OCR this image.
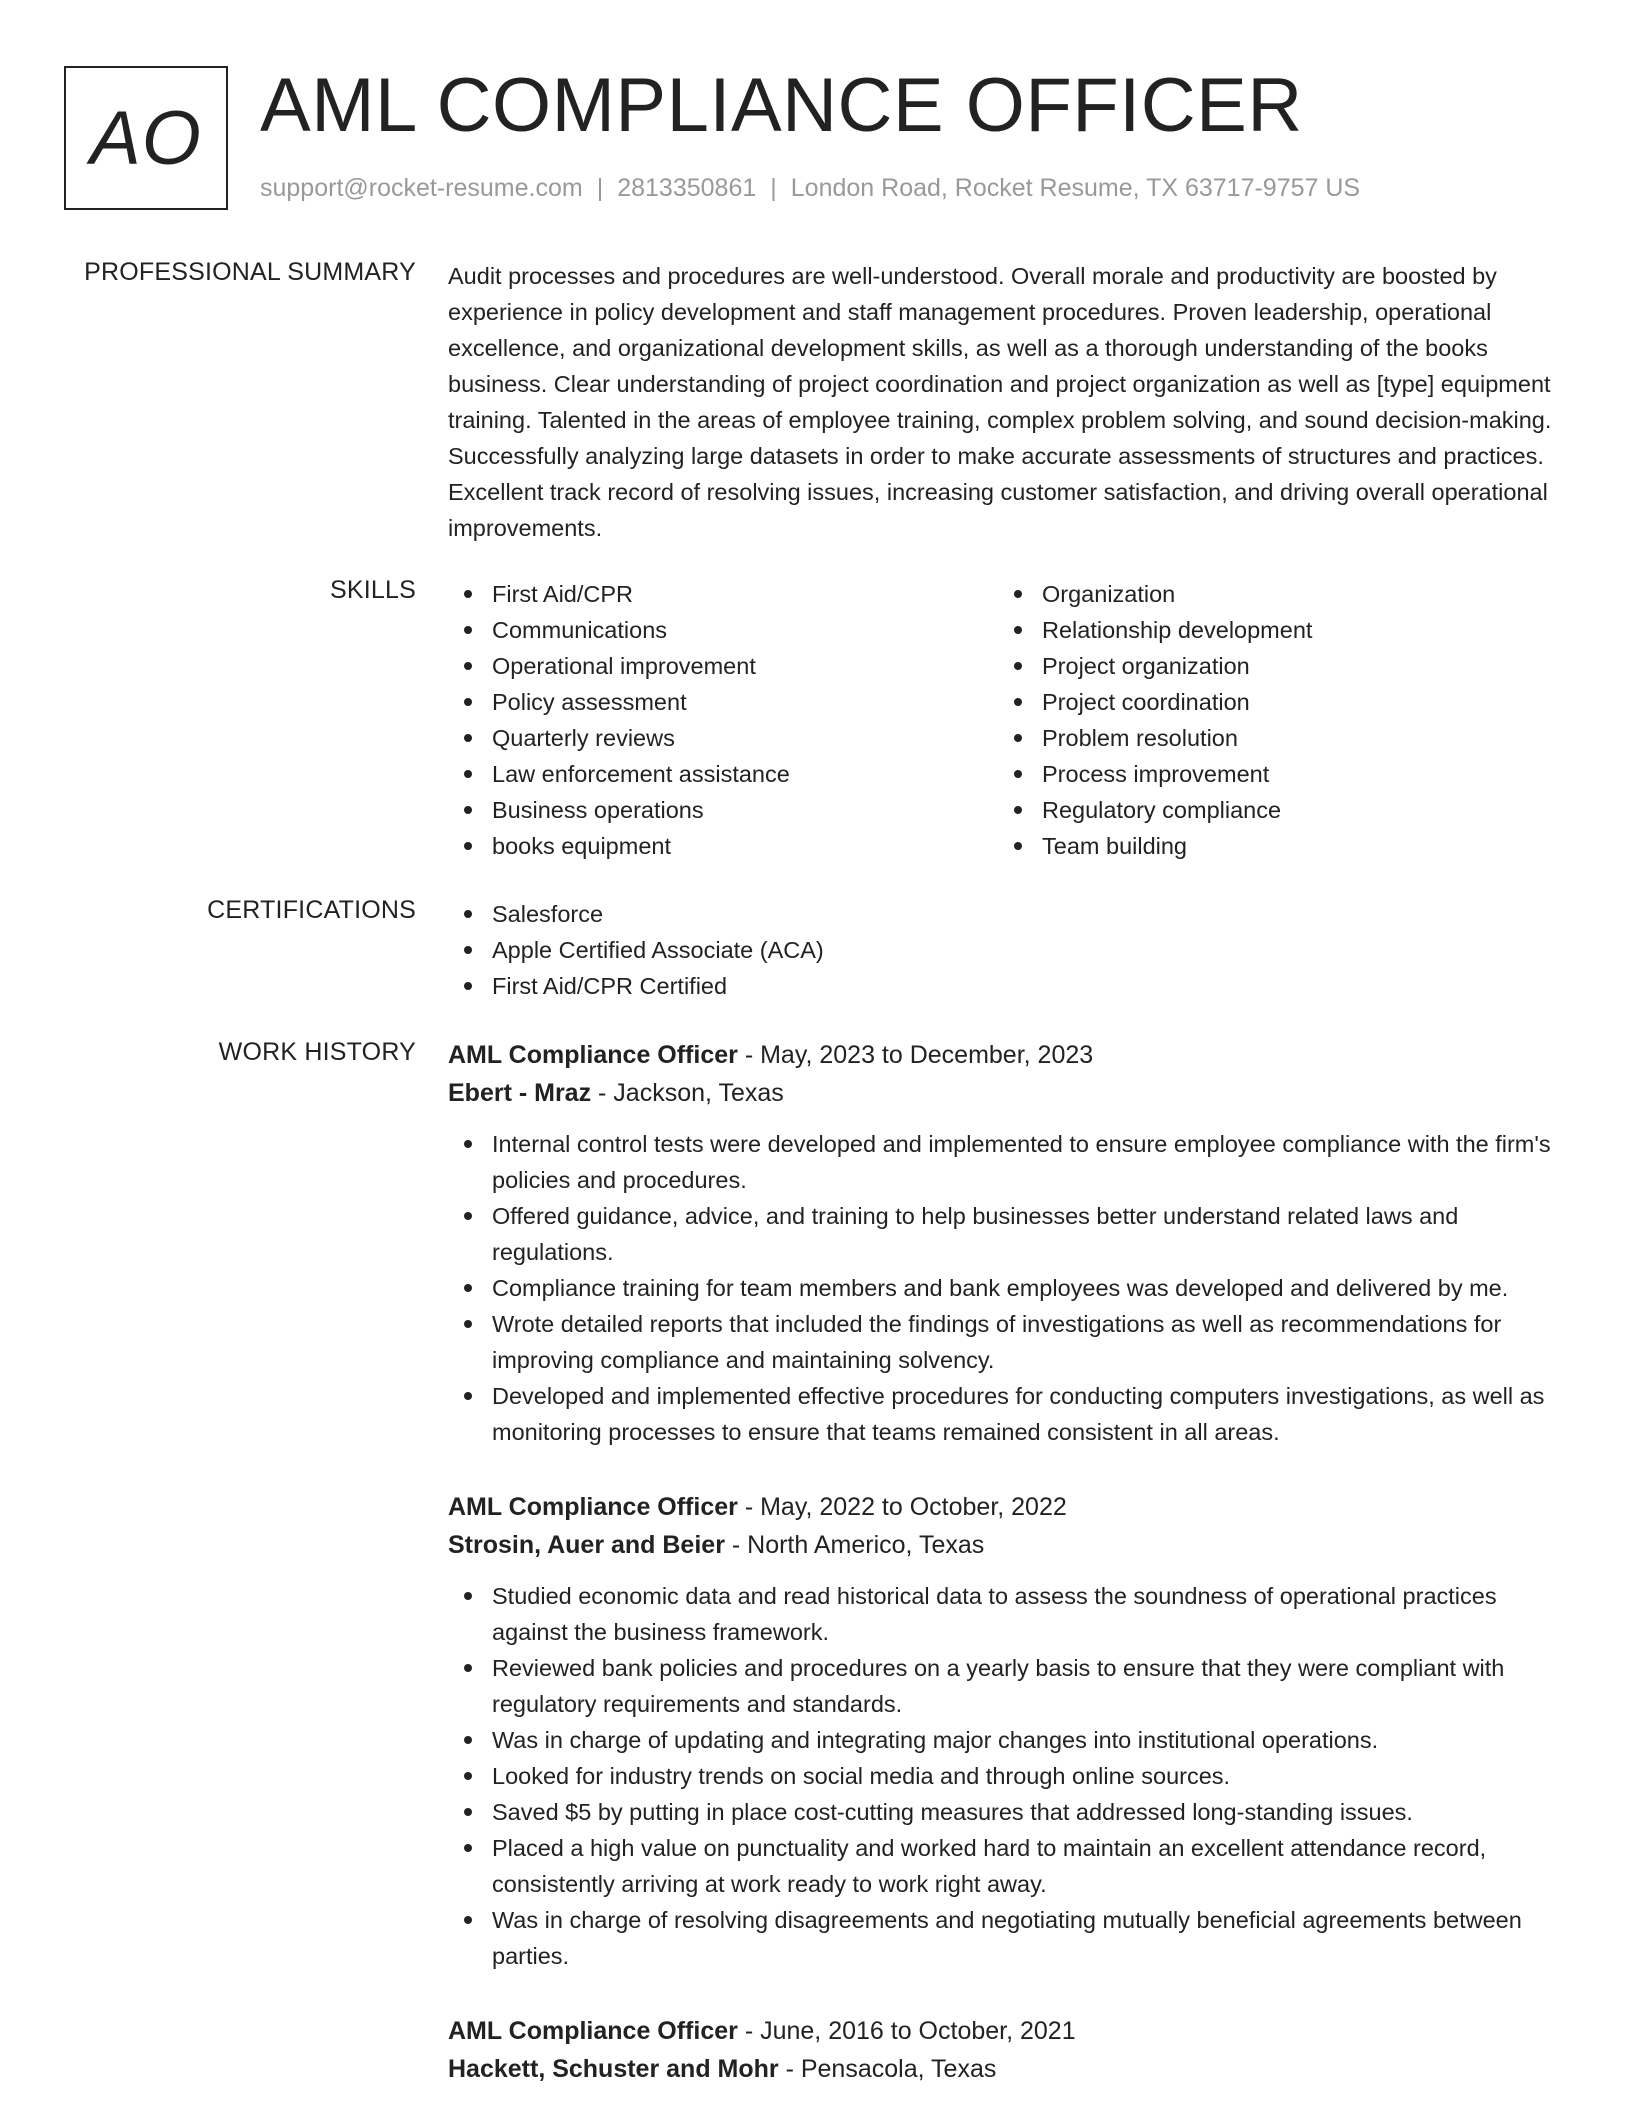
AO AML COMPLIANCE OFFICER
support@rocket-resume.com | 2813350861 | London Road, Rocket Resume, TX 63717-9757 US
PROFESSIONAL SUMMARY Audit processes and procedures are well-understood. Overall morale and productivity are boosted by experience in policy development and staff management procedures. Proven leadership, operational excellence, and organizational development skills, as well as a thorough understanding of the books business. Clear understanding of project coordination and project organization as well as [type] equipment training. Talented in the areas of employee training, complex problem solving, and sound decision-making. Successfully analyzing large datasets in order to make accurate assessments of structures and practices. Excellent track record of resolving issues, increasing customer satisfaction, and driving overall operational improvements.
SKILLS	First Aid/CPR
Communications
Operational improvement
Policy assessment
Quarterly reviews
Law enforcement assistance
Business operations
books equipment
Organization
Relationship development
Project organization
Project coordination
Problem resolution
Process improvement
Regulatory compliance
Team building
CERTIFICATIONS	Salesforce
Apple Certified Associate (ACA)
First Aid/CPR Certified
WORK HISTORY AML Compliance Officer - May, 2023 to December, 2023
Ebert - Mraz - Jackson, Texas
Internal control tests were developed and implemented to ensure employee compliance with the firm's policies and procedures.
Offered guidance, advice, and training to help businesses better understand related laws and regulations.
Compliance training for team members and bank employees was developed and delivered by me.
Wrote detailed reports that included the findings of investigations as well as recommendations for improving compliance and maintaining solvency.
Developed and implemented effective procedures for conducting computers investigations, as well as monitoring processes to ensure that teams remained consistent in all areas.
AML Compliance Officer - May, 2022 to October, 2022
Strosin, Auer and Beier - North Americo, Texas
Studied economic data and read historical data to assess the soundness of operational practices against the business framework.
Reviewed bank policies and procedures on a yearly basis to ensure that they were compliant with regulatory requirements and standards.
Was in charge of updating and integrating major changes into institutional operations.
Looked for industry trends on social media and through online sources.
Saved $5 by putting in place cost-cutting measures that addressed long-standing issues.
Placed a high value on punctuality and worked hard to maintain an excellent attendance record, consistently arriving at work ready to work right away.
Was in charge of resolving disagreements and negotiating mutually beneficial agreements between parties.
AML Compliance Officer - June, 2016 to October, 2021
Hackett, Schuster and Mohr - Pensacola, Texas
